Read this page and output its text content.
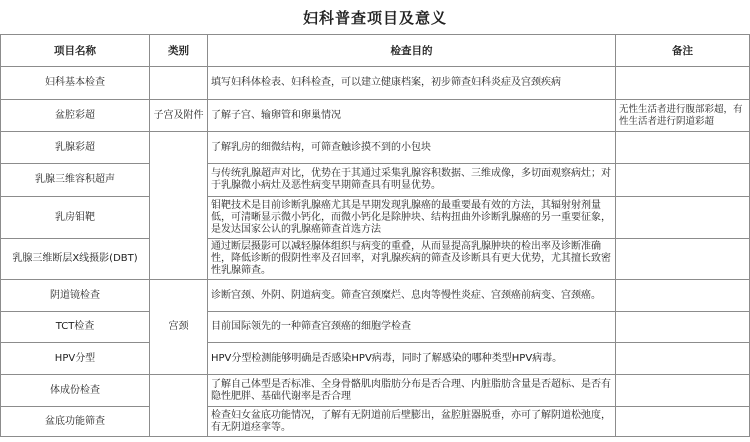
妇科普查项目及意义
项目名称	类别	检查目的	备注
妇科基本检查		填写妇科体检表、妇科检查，可以建立健康档案，初步筛查妇科炎症及宫颈疾病	
盆腔彩超	子宫及附件	了解子宫、输卵管和卵巢情况	无性生活者进行腹部彩超，有性生活者进行阴道彩超
乳腺彩超		了解乳房的细微结构，可筛查触诊摸不到的小包块	
乳腺三维容积超声		与传统乳腺超声对比，优势在于其通过采集乳腺容积数据、三维成像，多切面观察病灶；对于乳腺微小病灶及恶性病变早期筛查具有明显优势。	
乳房钼靶		钼靶技术是目前诊断乳腺癌尤其是早期发现乳腺癌的最重要最有效的方法，其辐射射剂量低，可清晰显示微小钙化，而微小钙化是除肿块、结构扭曲外诊断乳腺癌的另一重要征象，是发达国家公认的乳腺癌筛查首选方法	
乳腺三维断层X线摄影(DBT)		通过断层摄影可以减轻腺体组织与病变的重叠，从而显提高乳腺肿块的检出率及诊断准确性，降低诊断的假阴性率及召回率，对乳腺疾病的筛查及诊断具有更大优势，尤其擅长致密性乳腺筛查。	
阴道镜检查	宫颈	诊断宫颈、外阴、阴道病变。筛查宫颈糜烂、息肉等慢性炎症、宫颈癌前病变、宫颈癌。	
TCT检查		目前国际领先的一种筛查宫颈癌的细胞学检查	
HPV分型		HPV分型检测能够明确是否感染HPV病毒，同时了解感染的哪种类型HPV病毒。	
体成份检查		了解自己体型是否标准、全身骨骼肌肉脂肪分布是否合理、内脏脂肪含量是否超标、是否有隐性肥胖、基础代谢率是否合理	
盆底功能筛查		检查妇女盆底功能情况，了解有无阴道前后壁膨出，盆腔脏器脱垂，亦可了解阴道松弛度，有无阴道痉挛等。	
